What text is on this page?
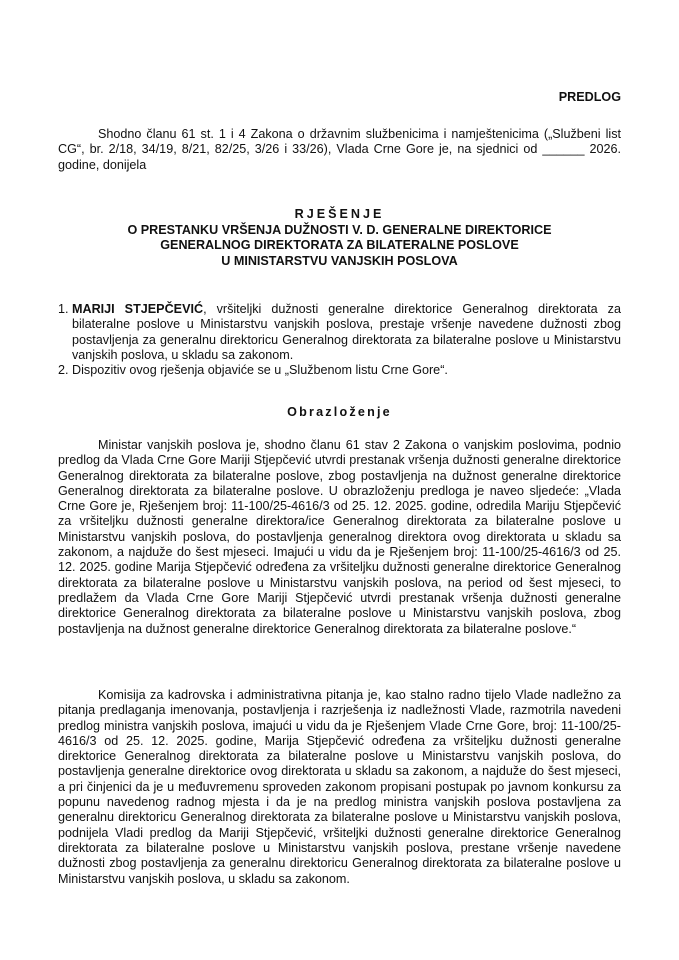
PREDLOG

Shodno članu 61 st. 1 i 4 Zakona o državnim službenicima i namještenicima („Službeni list CG“, br. 2/18, 34/19, 8/21, 82/25, 3/26 i 33/26), Vlada Crne Gore je, na sjednici od ______ 2026. godine, donijela

RJEŠENJE
O PRESTANKU VRŠENJA DUŽNOSTI V. D. GENERALNE DIREKTORICE
GENERALNOG DIREKTORATA ZA BILATERALNE POSLOVE
U MINISTARSTVU VANJSKIH POSLOVA
1. MARIJI STJEPČEVIĆ, vršiteljki dužnosti generalne direktorice Generalnog direktorata za bilateralne poslove u Ministarstvu vanjskih poslova, prestaje vršenje navedene dužnosti zbog postavljenja za generalnu direktoricu Generalnog direktorata za bilateralne poslove u Ministarstvu vanjskih poslova, u skladu sa zakonom.
2. Dispozitiv ovog rješenja objaviće se u „Službenom listu Crne Gore“.
Obrazloženje

Ministar vanjskih poslova je, shodno članu 61 stav 2 Zakona o vanjskim poslovima, podnio predlog da Vlada Crne Gore Mariji Stjepčević utvrdi prestanak vršenja dužnosti generalne direktorice Generalnog direktorata za bilateralne poslove, zbog postavljenja na dužnost generalne direktorice Generalnog direktorata za bilateralne poslove. U obrazloženju predloga je naveo sljedeće: „Vlada Crne Gore je, Rješenjem broj: 11-100/25-4616/3 od 25. 12. 2025. godine, odredila Mariju Stjepčević za vršiteljku dužnosti generalne direktora/ice Generalnog direktorata za bilateralne poslove u Ministarstvu vanjskih poslova, do postavljenja generalnog direktora ovog direktorata u skladu sa zakonom, a najduže do šest mjeseci. Imajući u vidu da je Rješenjem broj: 11-100/25-4616/3 od 25. 12. 2025. godine Marija Stjepčević određena za vršiteljku dužnosti generalne direktorice Generalnog direktorata za bilateralne poslove u Ministarstvu vanjskih poslova, na period od šest mjeseci, to predlažem da Vlada Crne Gore Mariji Stjepčević utvrdi prestanak vršenja dužnosti generalne direktorice Generalnog direktorata za bilateralne poslove u Ministarstvu vanjskih poslova, zbog postavljenja na dužnost generalne direktorice Generalnog direktorata za bilateralne poslove.“

Komisija za kadrovska i administrativna pitanja je, kao stalno radno tijelo Vlade nadležno za pitanja predlaganja imenovanja, postavljenja i razrješenja iz nadležnosti Vlade, razmotrila navedeni predlog ministra vanjskih poslova, imajući u vidu da je Rješenjem Vlade Crne Gore, broj: 11-100/25-4616/3 od 25. 12. 2025. godine, Marija Stjepčević određena za vršiteljku dužnosti generalne direktorice Generalnog direktorata za bilateralne poslove u Ministarstvu vanjskih poslova, do postavljenja generalne direktorice ovog direktorata u skladu sa zakonom, a najduže do šest mjeseci, a pri činjenici da je u međuvremenu sproveden zakonom propisani postupak po javnom konkursu za popunu navedenog radnog mjesta i da je na predlog ministra vanjskih poslova postavljena za generalnu direktoricu Generalnog direktorata za bilateralne poslove u Ministarstvu vanjskih poslova, podnijela Vladi predlog da Mariji Stjepčević, vršiteljki dužnosti generalne direktorice Generalnog direktorata za bilateralne poslove u Ministarstvu vanjskih poslova, prestane vršenje navedene dužnosti zbog postavljenja za generalnu direktoricu Generalnog direktorata za bilateralne poslove u Ministarstvu vanjskih poslova, u skladu sa zakonom.
